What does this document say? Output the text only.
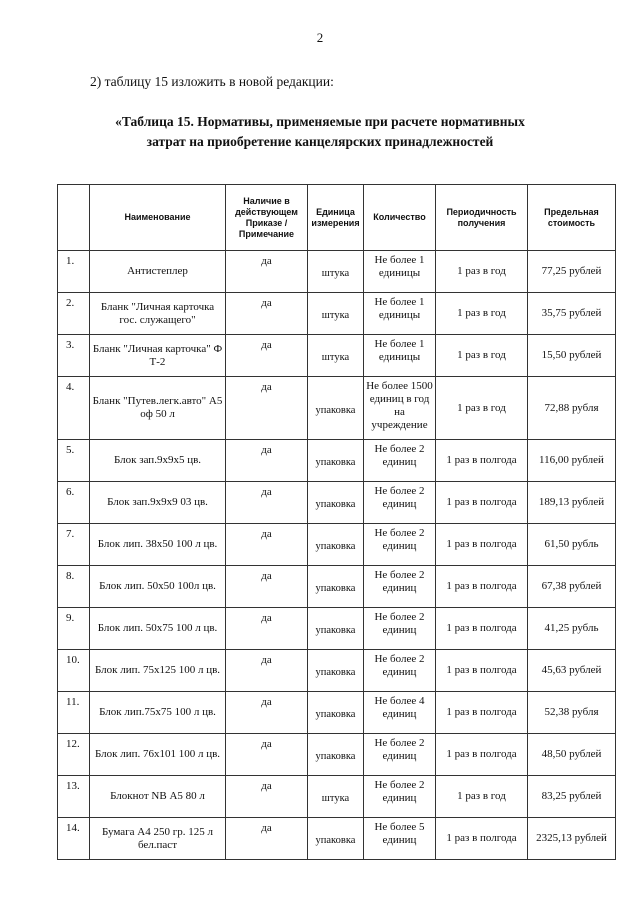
2
2) таблицу 15 изложить в новой редакции:
«Таблица 15. Нормативы, применяемые при расчете нормативных
затрат на приобретение канцелярских принадлежностей
	Наименование	Наличие в действующем Приказе / Примечание	Единица измерения	Количество	Периодичность получения	Предельная стоимость
1.	Антистеплер	да	штука	Не более 1 единицы	1 раз в год	77,25 рублей
2.	Бланк "Личная карточка гос. служащего"	да	штука	Не более 1 единицы	1 раз в год	35,75 рублей
3.	Бланк "Личная карточка" Ф Т-2	да	штука	Не более 1 единицы	1 раз в год	15,50 рублей
4.	Бланк "Путев.легк.авто" А5 оф 50 л	да	упаковка	Не более 1500 единиц в год на учреждение	1 раз в год	72,88 рубля
5.	Блок зап.9х9х5 цв.	да	упаковка	Не более 2 единиц	1 раз в полгода	116,00 рублей
6.	Блок зап.9х9х9 03 цв.	да	упаковка	Не более 2 единиц	1 раз в полгода	189,13 рублей
7.	Блок лип. 38х50 100 л цв.	да	упаковка	Не более 2 единиц	1 раз в полгода	61,50 рубль
8.	Блок лип. 50х50 100л цв.	да	упаковка	Не более 2 единиц	1 раз в полгода	67,38 рублей
9.	Блок лип. 50х75 100 л цв.	да	упаковка	Не более 2 единиц	1 раз в полгода	41,25 рубль
10.	Блок лип. 75х125 100 л цв.	да	упаковка	Не более 2 единиц	1 раз в полгода	45,63 рублей
11.	Блок лип.75х75 100 л цв.	да	упаковка	Не более 4 единиц	1 раз в полгода	52,38 рубля
12.	Блок лип. 76х101 100 л цв.	да	упаковка	Не более 2 единиц	1 раз в полгода	48,50 рублей
13.	Блокнот NB А5 80 л	да	штука	Не более 2 единиц	1 раз в год	83,25 рублей
14.	Бумага А4 250 гр. 125 л бел.паст	да	упаковка	Не более 5 единиц	1 раз в полгода	2325,13 рублей
